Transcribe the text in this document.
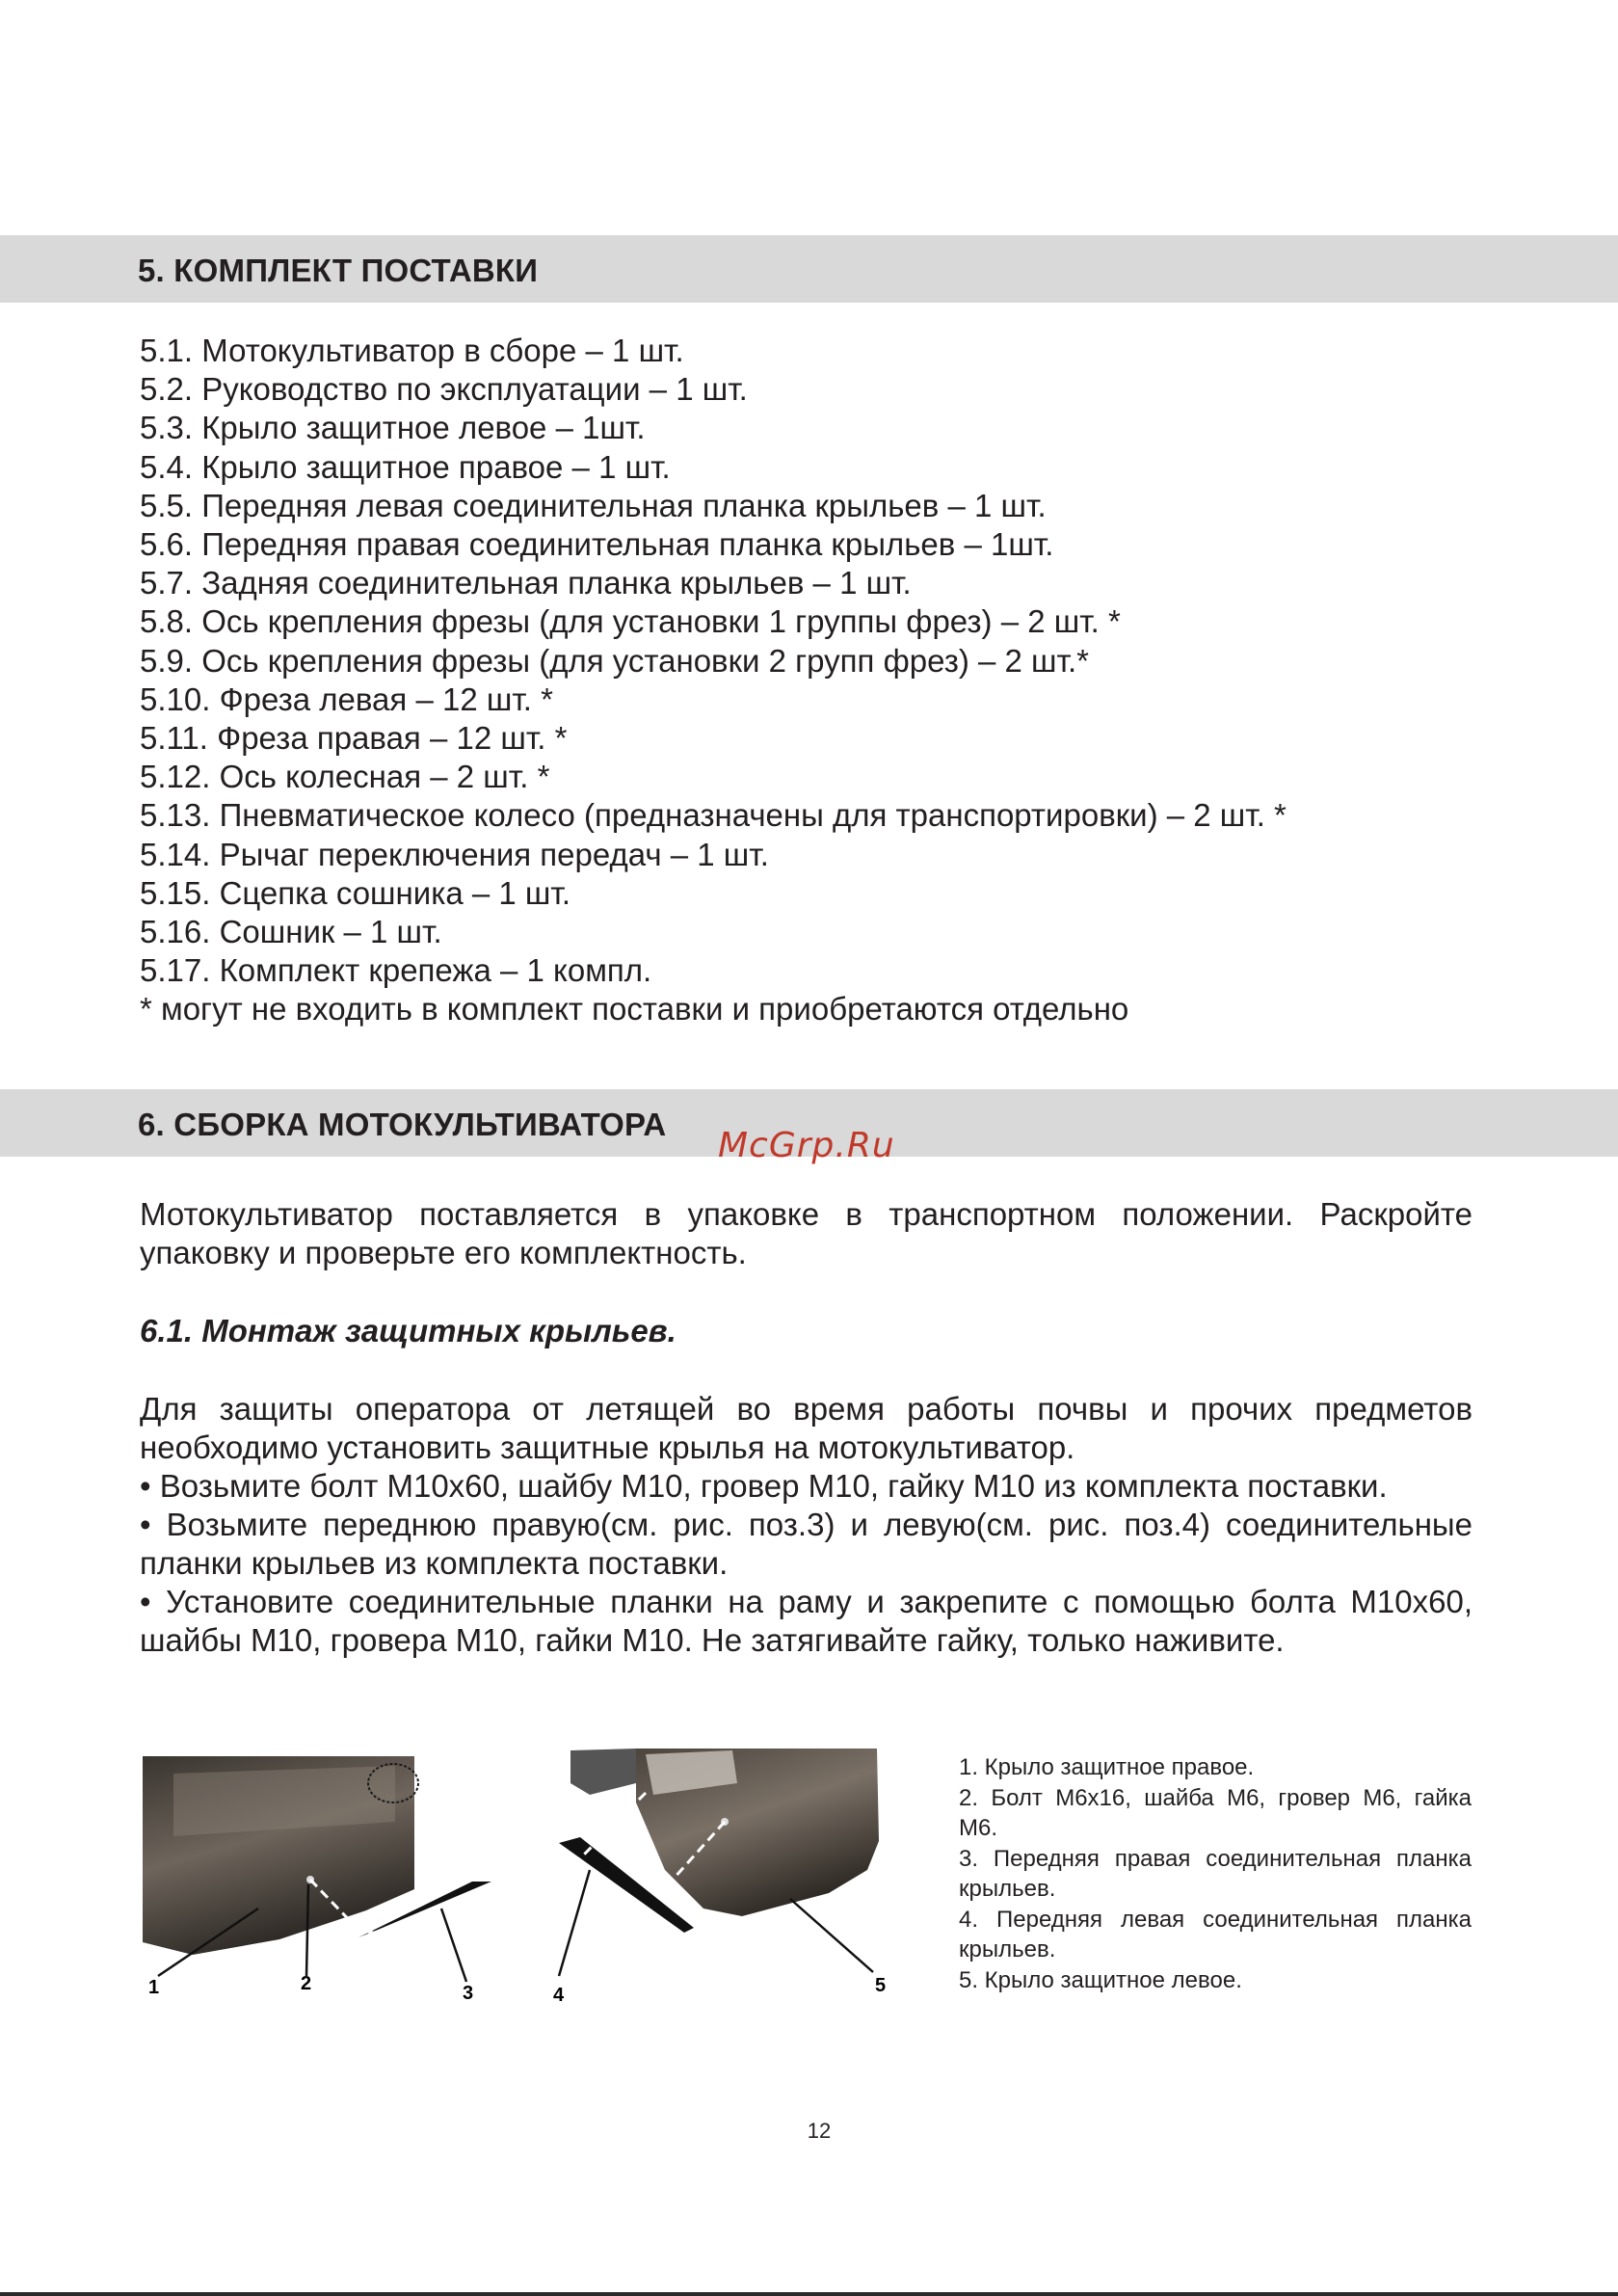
5. КОМПЛЕКТ ПОСТАВКИ
5.1. Мотокультиватор в сборе – 1 шт.
5.2. Руководство по эксплуатации – 1 шт.
5.3. Крыло защитное левое – 1шт.
5.4. Крыло защитное правое – 1 шт.
5.5. Передняя левая соединительная планка крыльев – 1 шт.
5.6. Передняя правая соединительная планка крыльев – 1шт.
5.7. Задняя соединительная планка крыльев – 1 шт.
5.8. Ось крепления фрезы (для установки 1 группы фрез) – 2 шт. *
5.9. Ось крепления фрезы (для установки 2 групп фрез) – 2 шт.*
5.10. Фреза левая – 12 шт. *
5.11. Фреза правая – 12 шт. *
5.12. Ось колесная – 2 шт. *
5.13. Пневматическое колесо (предназначены для транспортировки) – 2 шт. *
5.14. Рычаг переключения передач – 1 шт.
5.15. Сцепка сошника – 1 шт.
5.16. Сошник – 1 шт.
5.17. Комплект крепежа – 1 компл.
* могут не входить в комплект поставки и приобретаются отдельно
6. СБОРКА МОТОКУЛЬТИВАТОРА
McGrp.Ru

Мотокультиватор поставляется в упаковке в транспортном положении. Раскройте упаковку и проверьте его комплектность.

6.1. Монтаж защитных крыльев.

Для защиты оператора от летящей во время работы почвы и прочих предметов необходимо установить защитные крылья на мотокультиватор.

• Возьмите болт М10х60, шайбу М10, гровер М10, гайку М10 из комплекта поставки.

• Возьмите переднюю правую(см. рис. поз.3) и левую(см. рис. поз.4) соединительные планки крыльев из комплекта поставки.

• Установите соединительные планки на раму и закрепите с помощью болта М10х60, шайбы М10, гровера М10, гайки М10. Не затягивайте гайку, только наживите.

1	2	3	4	5
1. Крыло защитное правое.
2. Болт М6х16, шайба М6, гровер М6, гайка М6.
3. Передняя правая соединительная планка крыльев.
4. Передняя левая соединительная планка крыльев.
5. Крыло защитное левое.
12
